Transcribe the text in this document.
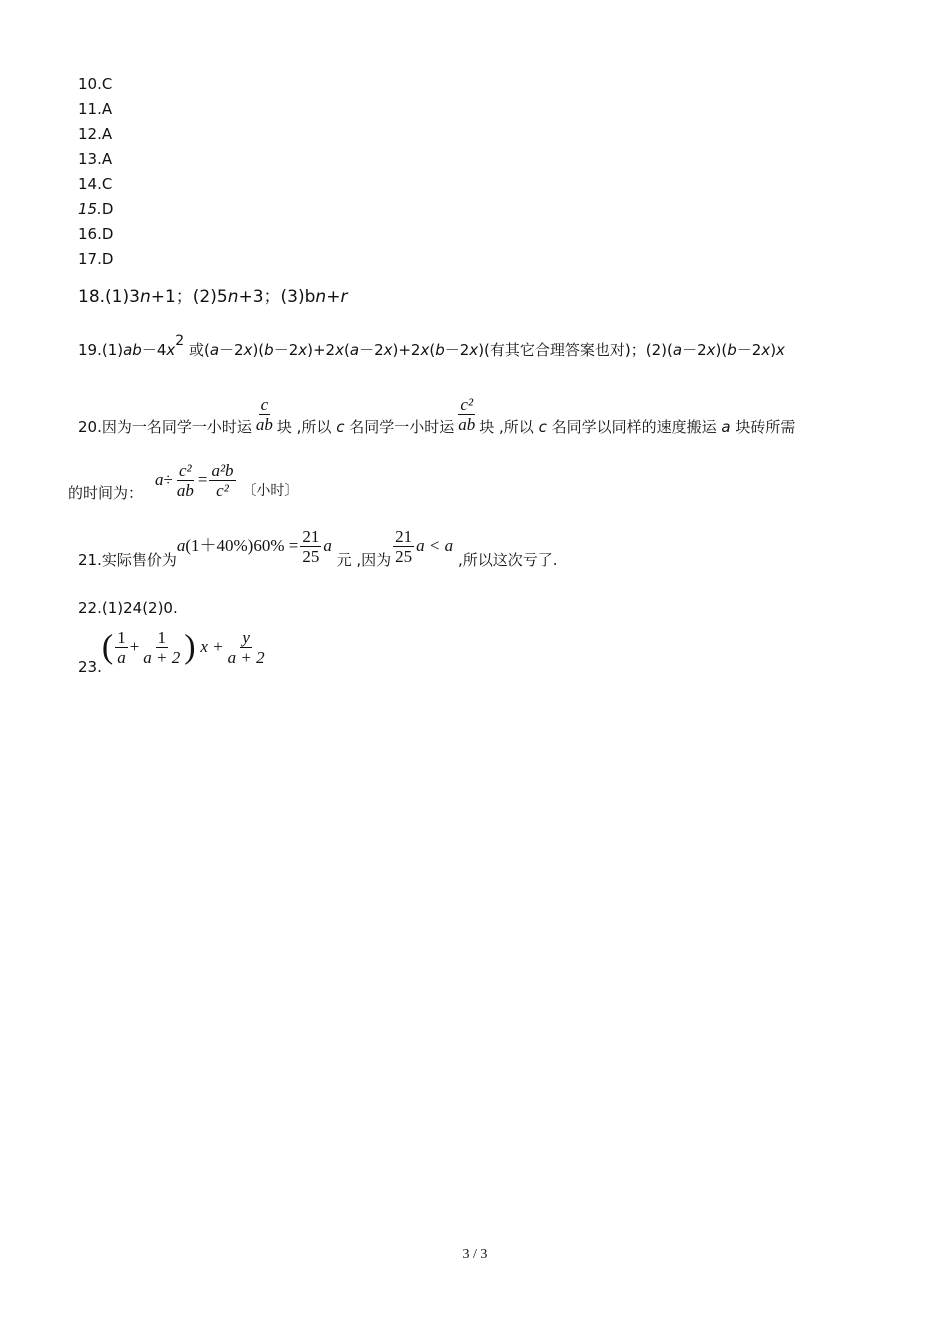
10.C
11.A
12.A
13.A
14.C
15.D
16.D
17.D
18.(1)3n+1；(2)5n+3；(3)bn+r
19.(1)ab－4x2 或(a－2x)(b－2x)+2x(a－2x)+2x(b－2x)(有其它合理答案也对)；(2)(a－2x)(b－2x)x
20.因为一名同学一小时运 $\frac{c}{ab}$ 块 ,所以 c 名同学一小时运 $\frac{\text{c²}}{ab}$ 块 ,所以 c 名同学以同样的速度搬运 a 块砖所需
的时间为：
$a\div \frac{\text{c²}}{ab} = \frac{\text{a²b}}{\text{c²}}$ 〔小时〕
21.实际售价为$a(1+40\%)60\% = \frac{21}{25}$ a 元 ,因为 $\frac{21}{25}$ a < a ,所以这次亏了.
22.(1)24(2)0.
$23.( \frac{1}{a} + \frac{1}{a + 2}$ ) $x + \frac{y}{a + 2}$
3 / 3
